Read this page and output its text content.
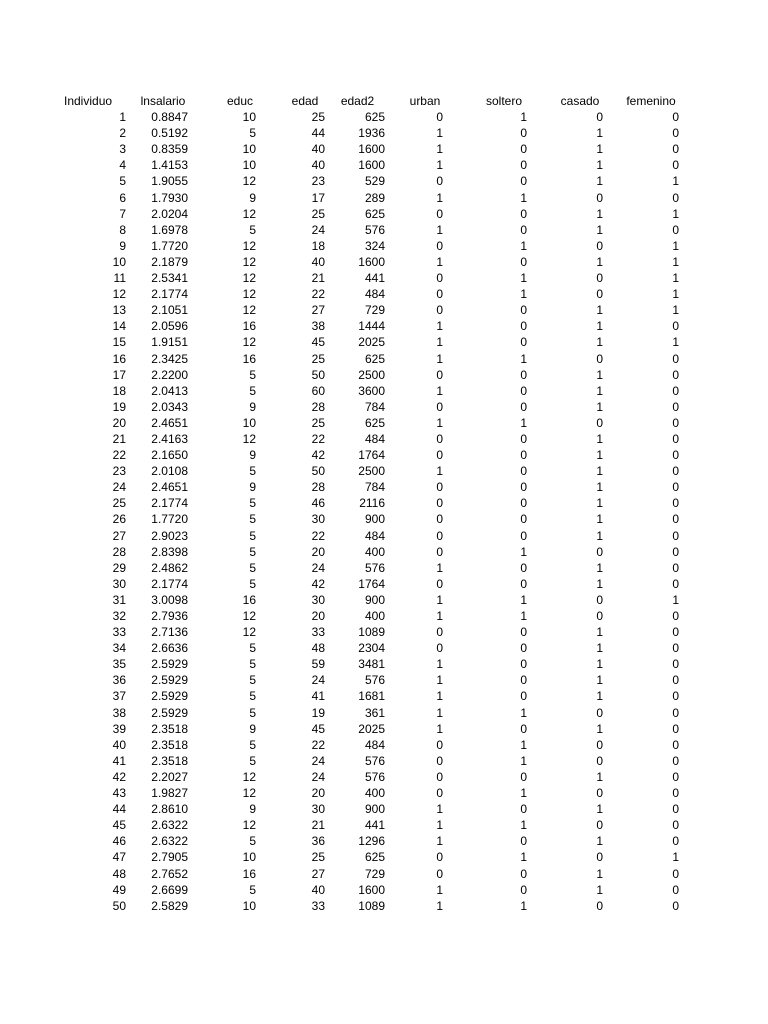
Individuo	lnsalario	educ	edad	edad2	urban	soltero	casado	femenino
1	0.8847	10	25	625	0	1	0	0
2	0.5192	5	44	1936	1	0	1	0
3	0.8359	10	40	1600	1	0	1	0
4	1.4153	10	40	1600	1	0	1	0
5	1.9055	12	23	529	0	0	1	1
6	1.7930	9	17	289	1	1	0	0
7	2.0204	12	25	625	0	0	1	1
8	1.6978	5	24	576	1	0	1	0
9	1.7720	12	18	324	0	1	0	1
10	2.1879	12	40	1600	1	0	1	1
11	2.5341	12	21	441	0	1	0	1
12	2.1774	12	22	484	0	1	0	1
13	2.1051	12	27	729	0	0	1	1
14	2.0596	16	38	1444	1	0	1	0
15	1.9151	12	45	2025	1	0	1	1
16	2.3425	16	25	625	1	1	0	0
17	2.2200	5	50	2500	0	0	1	0
18	2.0413	5	60	3600	1	0	1	0
19	2.0343	9	28	784	0	0	1	0
20	2.4651	10	25	625	1	1	0	0
21	2.4163	12	22	484	0	0	1	0
22	2.1650	9	42	1764	0	0	1	0
23	2.0108	5	50	2500	1	0	1	0
24	2.4651	9	28	784	0	0	1	0
25	2.1774	5	46	2116	0	0	1	0
26	1.7720	5	30	900	0	0	1	0
27	2.9023	5	22	484	0	0	1	0
28	2.8398	5	20	400	0	1	0	0
29	2.4862	5	24	576	1	0	1	0
30	2.1774	5	42	1764	0	0	1	0
31	3.0098	16	30	900	1	1	0	1
32	2.7936	12	20	400	1	1	0	0
33	2.7136	12	33	1089	0	0	1	0
34	2.6636	5	48	2304	0	0	1	0
35	2.5929	5	59	3481	1	0	1	0
36	2.5929	5	24	576	1	0	1	0
37	2.5929	5	41	1681	1	0	1	0
38	2.5929	5	19	361	1	1	0	0
39	2.3518	9	45	2025	1	0	1	0
40	2.3518	5	22	484	0	1	0	0
41	2.3518	5	24	576	0	1	0	0
42	2.2027	12	24	576	0	0	1	0
43	1.9827	12	20	400	0	1	0	0
44	2.8610	9	30	900	1	0	1	0
45	2.6322	12	21	441	1	1	0	0
46	2.6322	5	36	1296	1	0	1	0
47	2.7905	10	25	625	0	1	0	1
48	2.7652	16	27	729	0	0	1	0
49	2.6699	5	40	1600	1	0	1	0
50	2.5829	10	33	1089	1	1	0	0
